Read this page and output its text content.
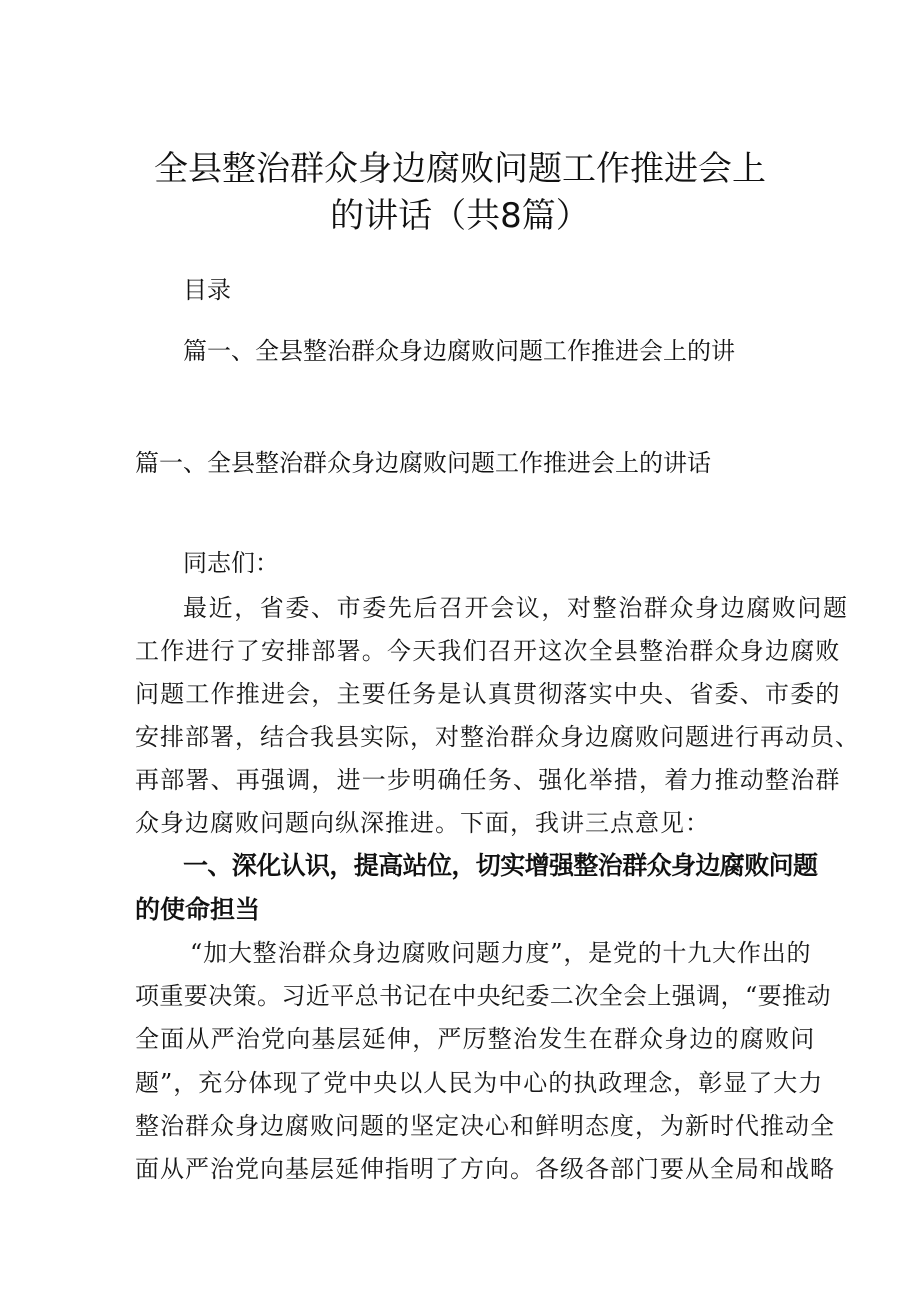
全县整治群众身边腐败问题工作推进会上
的讲话（共8篇）
目录
篇一、全县整治群众身边腐败问题工作推进会上的讲
篇一、全县整治群众身边腐败问题工作推进会上的讲话
同志们：
最近，省委、市委先后召开会议，对整治群众身边腐败问题
工作进行了安排部署。今天我们召开这次全县整治群众身边腐败
问题工作推进会，主要任务是认真贯彻落实中央、省委、市委的
安排部署，结合我县实际，对整治群众身边腐败问题进行再动员、
再部署、再强调，进一步明确任务、强化举措，着力推动整治群
众身边腐败问题向纵深推进。下面，我讲三点意见：
一、深化认识，提高站位，切实增强整治群众身边腐败问题
的使命担当
“加大整治群众身边腐败问题力度”，是党的十九大作出的
项重要决策。习近平总书记在中央纪委二次全会上强调，“要推动
全面从严治党向基层延伸，严厉整治发生在群众身边的腐败问
题”，充分体现了党中央以人民为中心的执政理念，彰显了大力
整治群众身边腐败问题的坚定决心和鲜明态度，为新时代推动全
面从严治党向基层延伸指明了方向。各级各部门要从全局和战略
